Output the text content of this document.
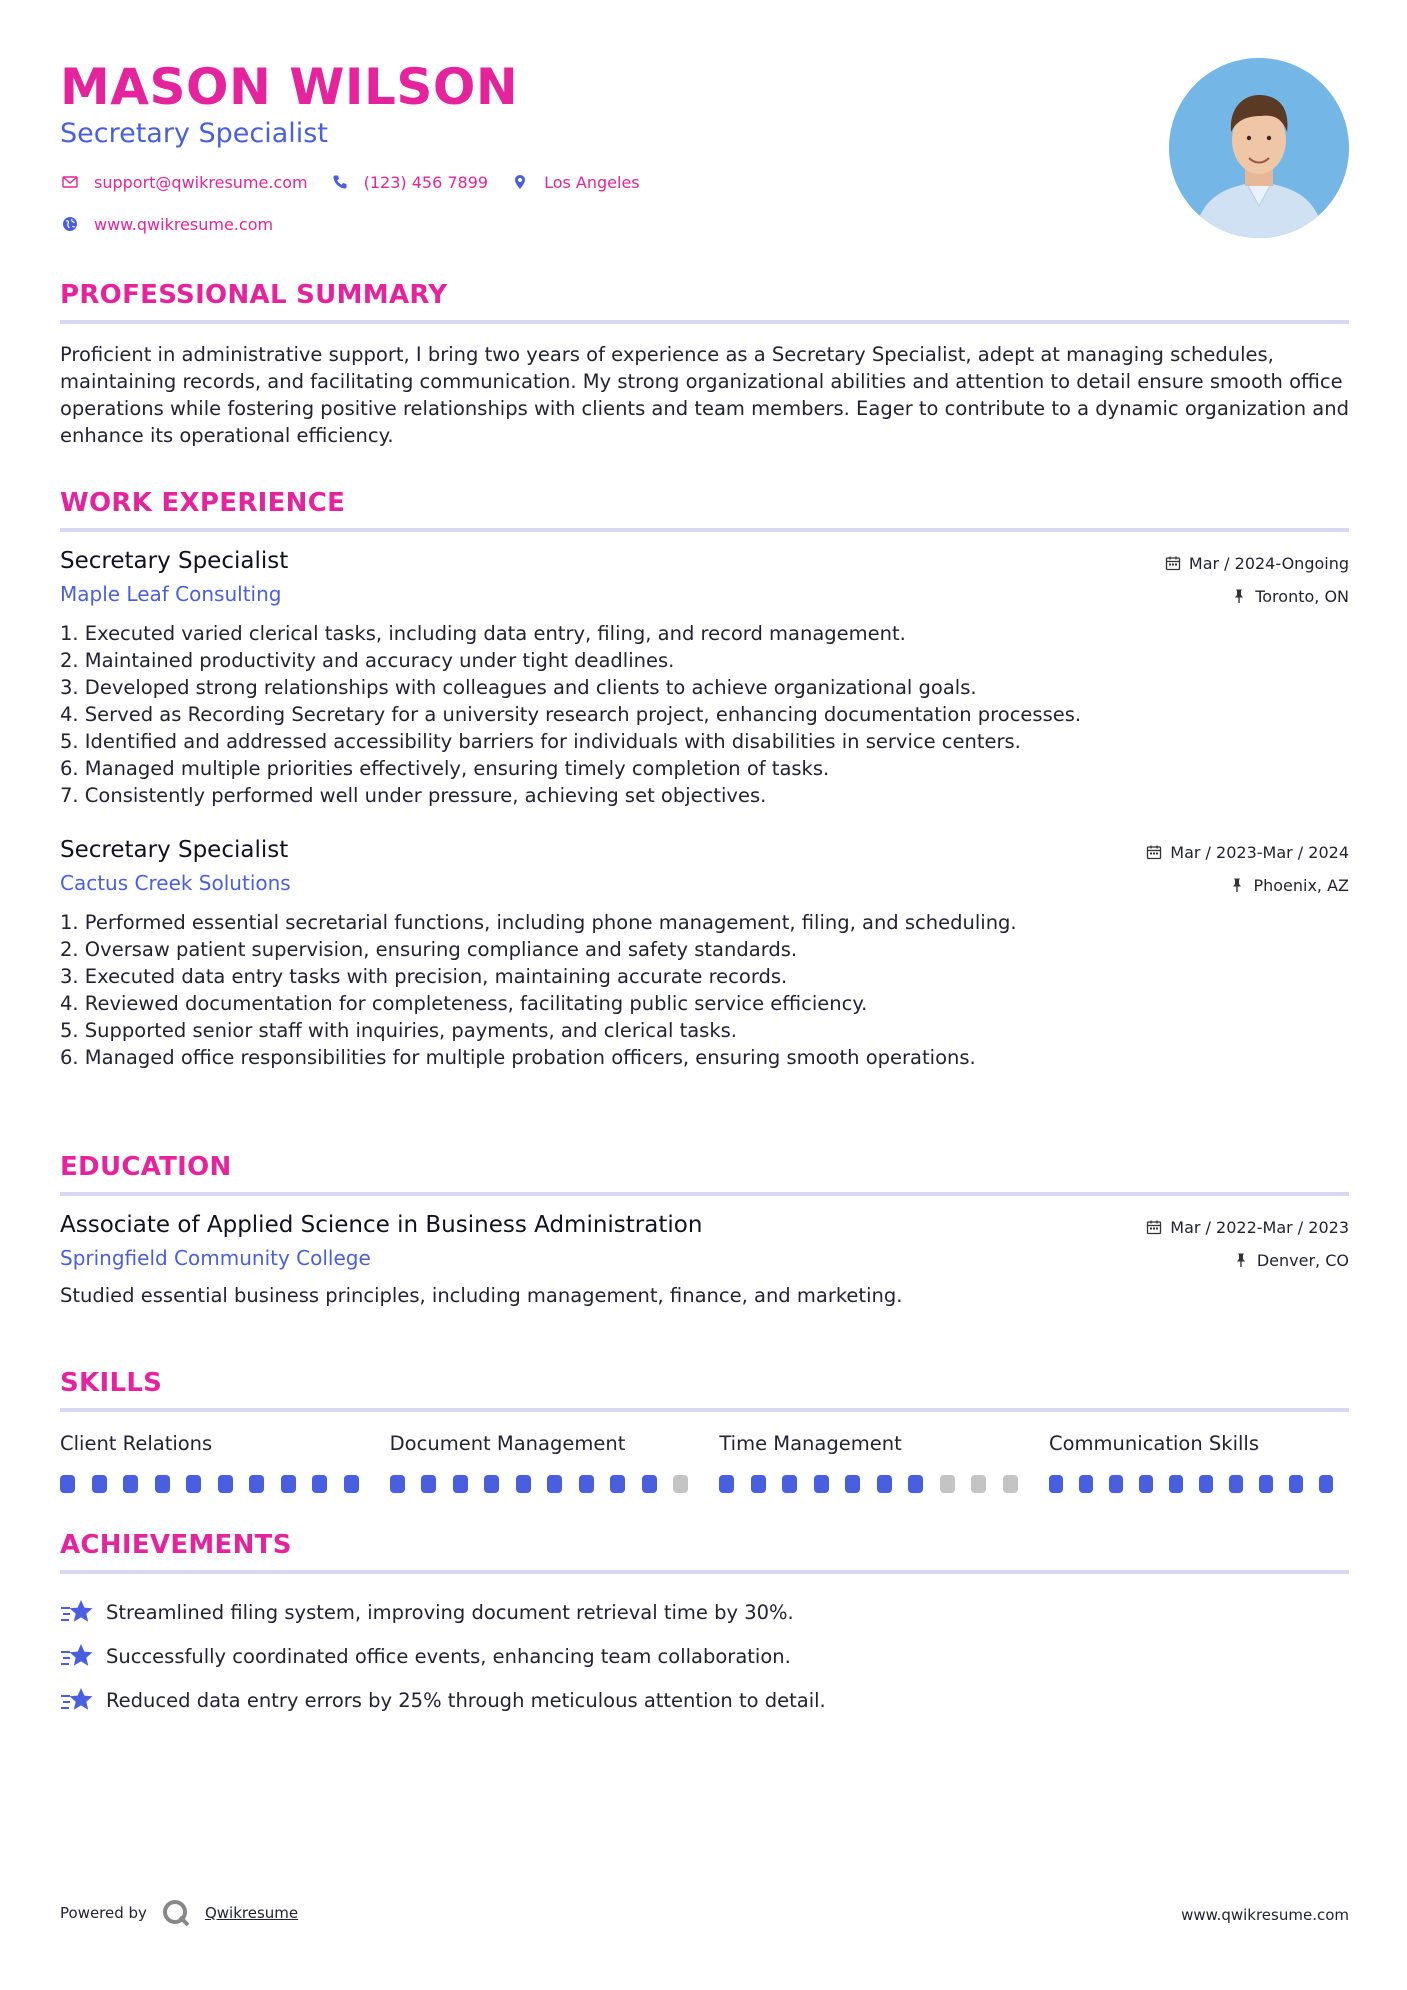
MASON WILSON
Secretary Specialist
support@qwikresume.com	(123) 456 7899	Los Angeles
www.qwikresume.com
PROFESSIONAL SUMMARY
Proficient in administrative support, I bring two years of experience as a Secretary Specialist, adept at managing schedules, maintaining records, and facilitating communication. My strong organizational abilities and attention to detail ensure smooth office operations while fostering positive relationships with clients and team members. Eager to contribute to a dynamic organization and enhance its operational efficiency.
WORK EXPERIENCE
Secretary Specialist
Maple Leaf Consulting
Mar / 2024-Ongoing
Toronto, ON
1. Executed varied clerical tasks, including data entry, filing, and record management.
2. Maintained productivity and accuracy under tight deadlines.
3. Developed strong relationships with colleagues and clients to achieve organizational goals.
4. Served as Recording Secretary for a university research project, enhancing documentation processes.
5. Identified and addressed accessibility barriers for individuals with disabilities in service centers.
6. Managed multiple priorities effectively, ensuring timely completion of tasks.
7. Consistently performed well under pressure, achieving set objectives.
Secretary Specialist
Cactus Creek Solutions
Mar / 2023-Mar / 2024
Phoenix, AZ
1. Performed essential secretarial functions, including phone management, filing, and scheduling.
2. Oversaw patient supervision, ensuring compliance and safety standards.
3. Executed data entry tasks with precision, maintaining accurate records.
4. Reviewed documentation for completeness, facilitating public service efficiency.
5. Supported senior staff with inquiries, payments, and clerical tasks.
6. Managed office responsibilities for multiple probation officers, ensuring smooth operations.
EDUCATION
Associate of Applied Science in Business Administration
Springfield Community College
Mar / 2022-Mar / 2023
Denver, CO
Studied essential business principles, including management, finance, and marketing.
SKILLS
Client Relations	Document Management	Time Management	Communication Skills
ACHIEVEMENTS
Streamlined filing system, improving document retrieval time by 30%.
Successfully coordinated office events, enhancing team collaboration.
Reduced data entry errors by 25% through meticulous attention to detail.
Powered by	Qwikresume	www.qwikresume.com
